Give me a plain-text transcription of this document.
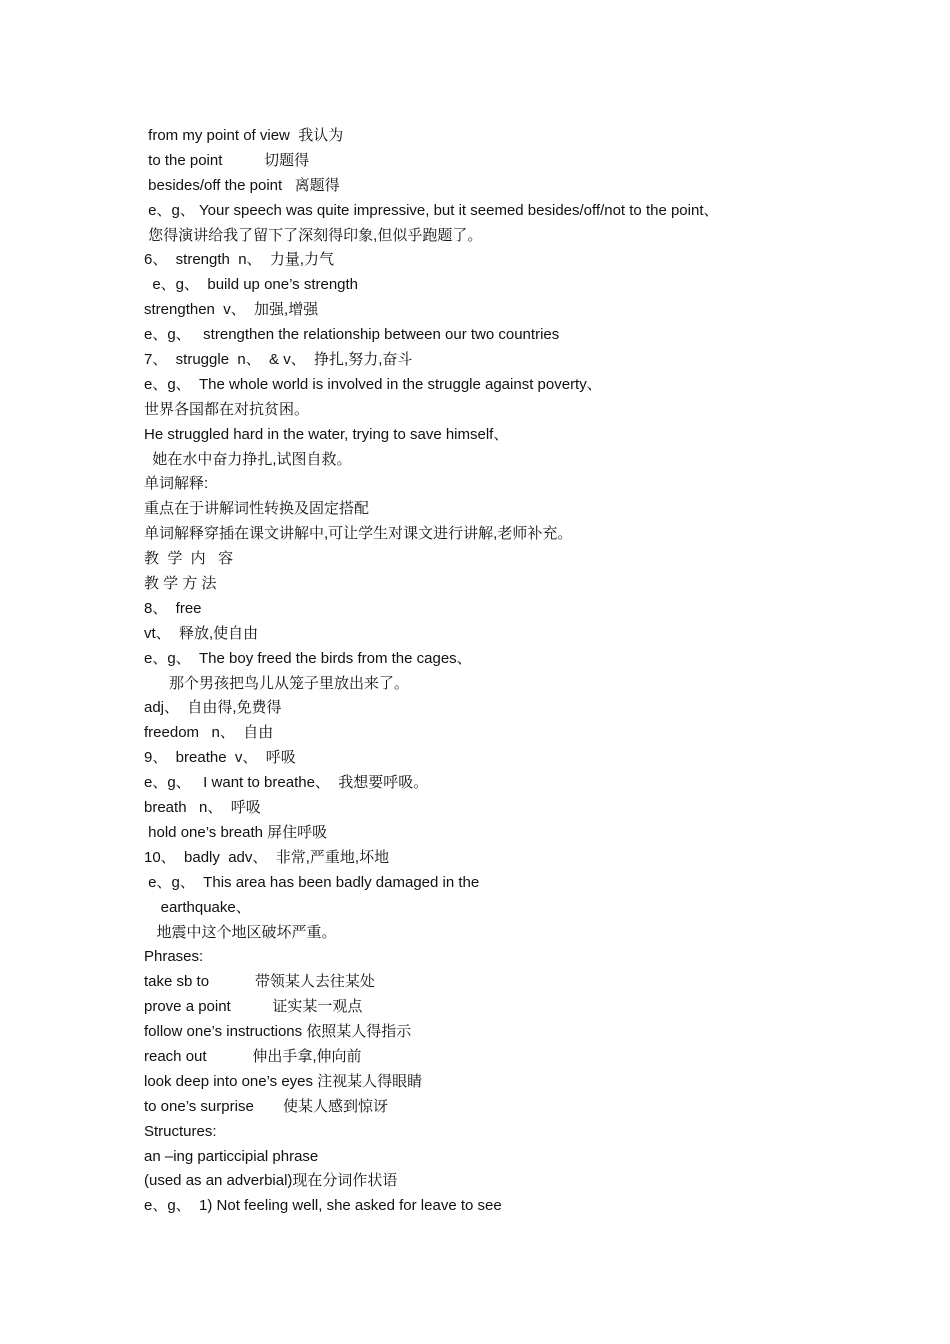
from my point of view  我认为
to the point          切题得
besides/off the point   离题得
e、g、 Your speech was quite impressive, but it seemed besides/off/not to the point、
您得演讲给我了留下了深刻得印象,但似乎跑题了。
6、  strength  n、  力量,力气
e、g、  build up one’s strength
strengthen  v、  加强,增强
e、g、   strengthen the relationship between our two countries
7、  struggle  n、  & v、  挣扎,努力,奋斗
e、g、  The whole world is involved in the struggle against poverty、
世界各国都在对抗贫困。
He struggled hard in the water, trying to save himself、
她在水中奋力挣扎,试图自救。
单词解释:
重点在于讲解词性转换及固定搭配
单词解释穿插在课文讲解中,可让学生对课文进行讲解,老师补充。
教  学  内   容
教 学 方 法
8、  free
vt、  释放,使自由
e、g、  The boy freed the birds from the cages、
那个男孩把鸟儿从笼子里放出来了。
adj、  自由得,免费得
freedom   n、  自由
9、  breathe  v、  呼吸
e、g、   I want to breathe、  我想要呼吸。
breath   n、  呼吸
hold one’s breath 屏住呼吸
10、  badly  adv、  非常,严重地,坏地
e、g、  This area has been badly damaged in the
earthquake、
地震中这个地区破坏严重。
Phrases:
take sb to           带领某人去往某处
prove a point          证实某一观点
follow one’s instructions 依照某人得指示
reach out           伸出手拿,伸向前
look deep into one’s eyes 注视某人得眼睛
to one’s surprise       使某人感到惊讶
Structures:
an –ing particcipial phrase
(used as an adverbial)现在分词作状语
e、g、  1) Not feeling well, she asked for leave to see
